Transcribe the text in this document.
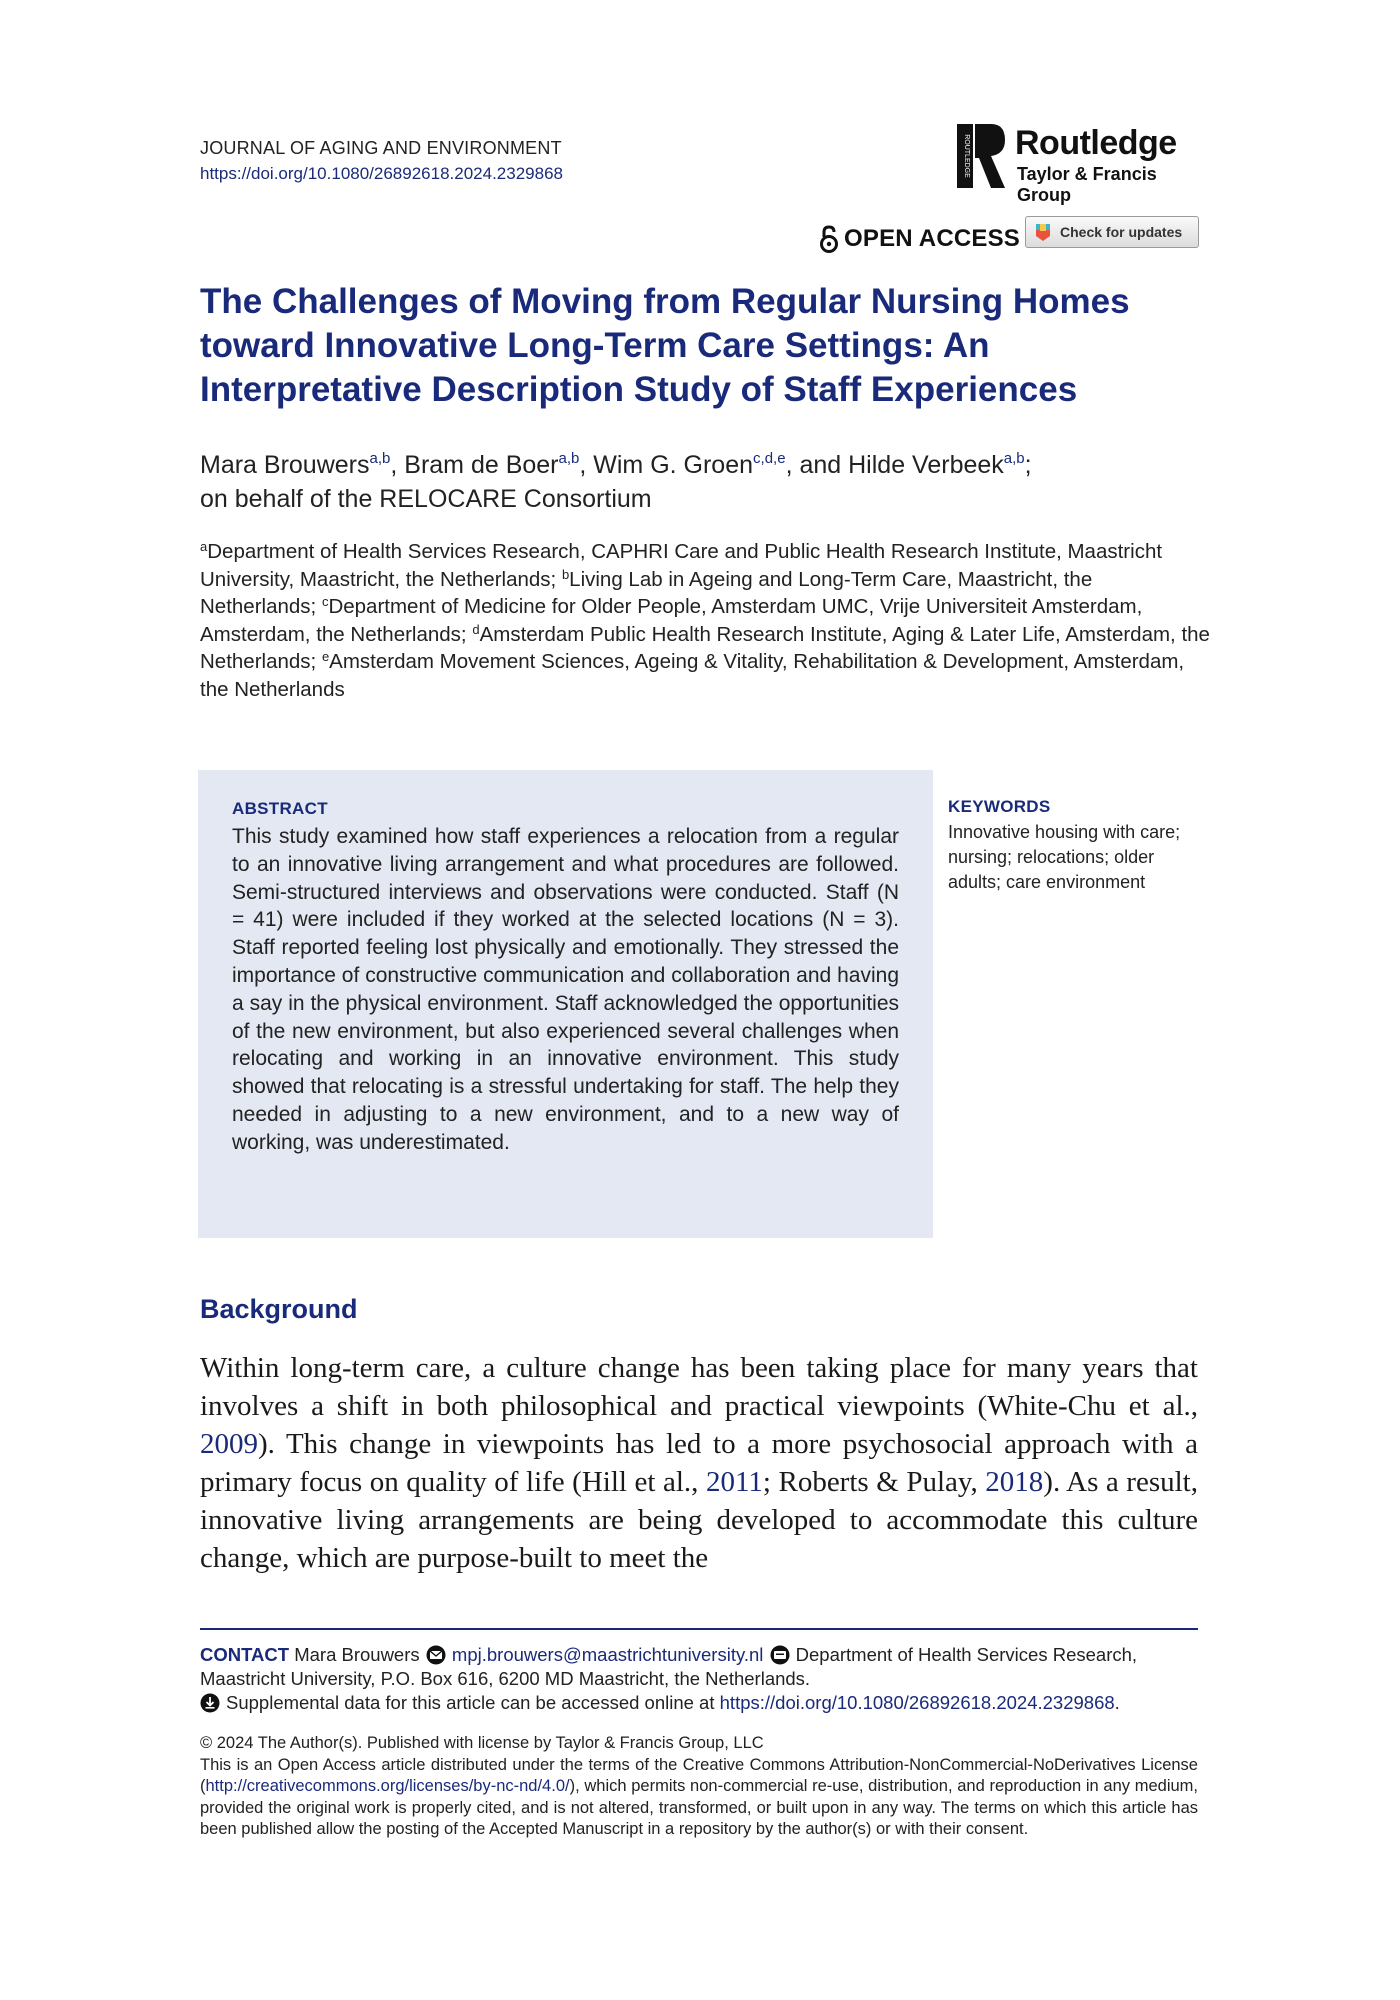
JOURNAL OF AGING AND ENVIRONMENT
https://doi.org/10.1080/26892618.2024.2329868	ROUTLEDGE Routledge
Taylor & Francis Group
OPEN ACCESS	Check for updates
The Challenges of Moving from Regular Nursing Homes toward Innovative Long-Term Care Settings: An Interpretative Description Study of Staff Experiences
Mara Brouwers$^{a,b}$, Bram de Boer$^{a,b}$, Wim G. Groen$^{c,d,e}$, and Hilde Verbeek$^{a,b}$;
on behalf of the RELOCARE Consortium
$^a$Department of Health Services Research, CAPHRI Care and Public Health Research Institute, Maastricht University, Maastricht, the Netherlands; $^b$Living Lab in Ageing and Long-Term Care, Maastricht, the Netherlands; $^c$Department of Medicine for Older People, Amsterdam UMC, Vrije Universiteit Amsterdam, Amsterdam, the Netherlands; $^d$Amsterdam Public Health Research Institute, Aging & Later Life, Amsterdam, the Netherlands; $^e$Amsterdam Movement Sciences, Ageing & Vitality, Rehabilitation & Development, Amsterdam, the Netherlands
ABSTRACT

This study examined how staff experiences a relocation from a regular to an innovative living arrangement and what procedures are followed. Semi-structured interviews and observations were conducted. Staff (N = 41) were included if they worked at the selected locations (N = 3). Staff reported feeling lost physically and emotionally. They stressed the importance of constructive communication and collaboration and having a say in the physical environment. Staff acknowledged the opportunities of the new environment, but also experienced several challenges when relocating and working in an innovative environment. This study showed that relocating is a stressful undertaking for staff. The help they needed in adjusting to a new environment, and to a new way of working, was underestimated.

KEYWORDS

Innovative housing with care; nursing; relocations; older adults; care environment

Background

Within long-term care, a culture change has been taking place for many years that involves a shift in both philosophical and practical viewpoints (White-Chu et al., 2009). This change in viewpoints has led to a more psychosocial approach with a primary focus on quality of life (Hill et al., 2011; Roberts & Pulay, 2018). As a result, innovative living arrangements are being developed to accommodate this culture change, which are purpose-built to meet the

CONTACT Mara Brouwers mpj.brouwers@maastrichtuniversity.nl Department of Health Services Research, Maastricht University, P.O. Box 616, 6200 MD Maastricht, the Netherlands.

Supplemental data for this article can be accessed online at https://doi.org/10.1080/26892618.2024.2329868.

© 2024 The Author(s). Published with license by Taylor & Francis Group, LLC
This is an Open Access article distributed under the terms of the Creative Commons Attribution-NonCommercial-NoDerivatives License (http://creativecommons.org/licenses/by-nc-nd/4.0/), which permits non-commercial re-use, distribution, and reproduction in any medium, provided the original work is properly cited, and is not altered, transformed, or built upon in any way. The terms on which this article has been published allow the posting of the Accepted Manuscript in a repository by the author(s) or with their consent.
